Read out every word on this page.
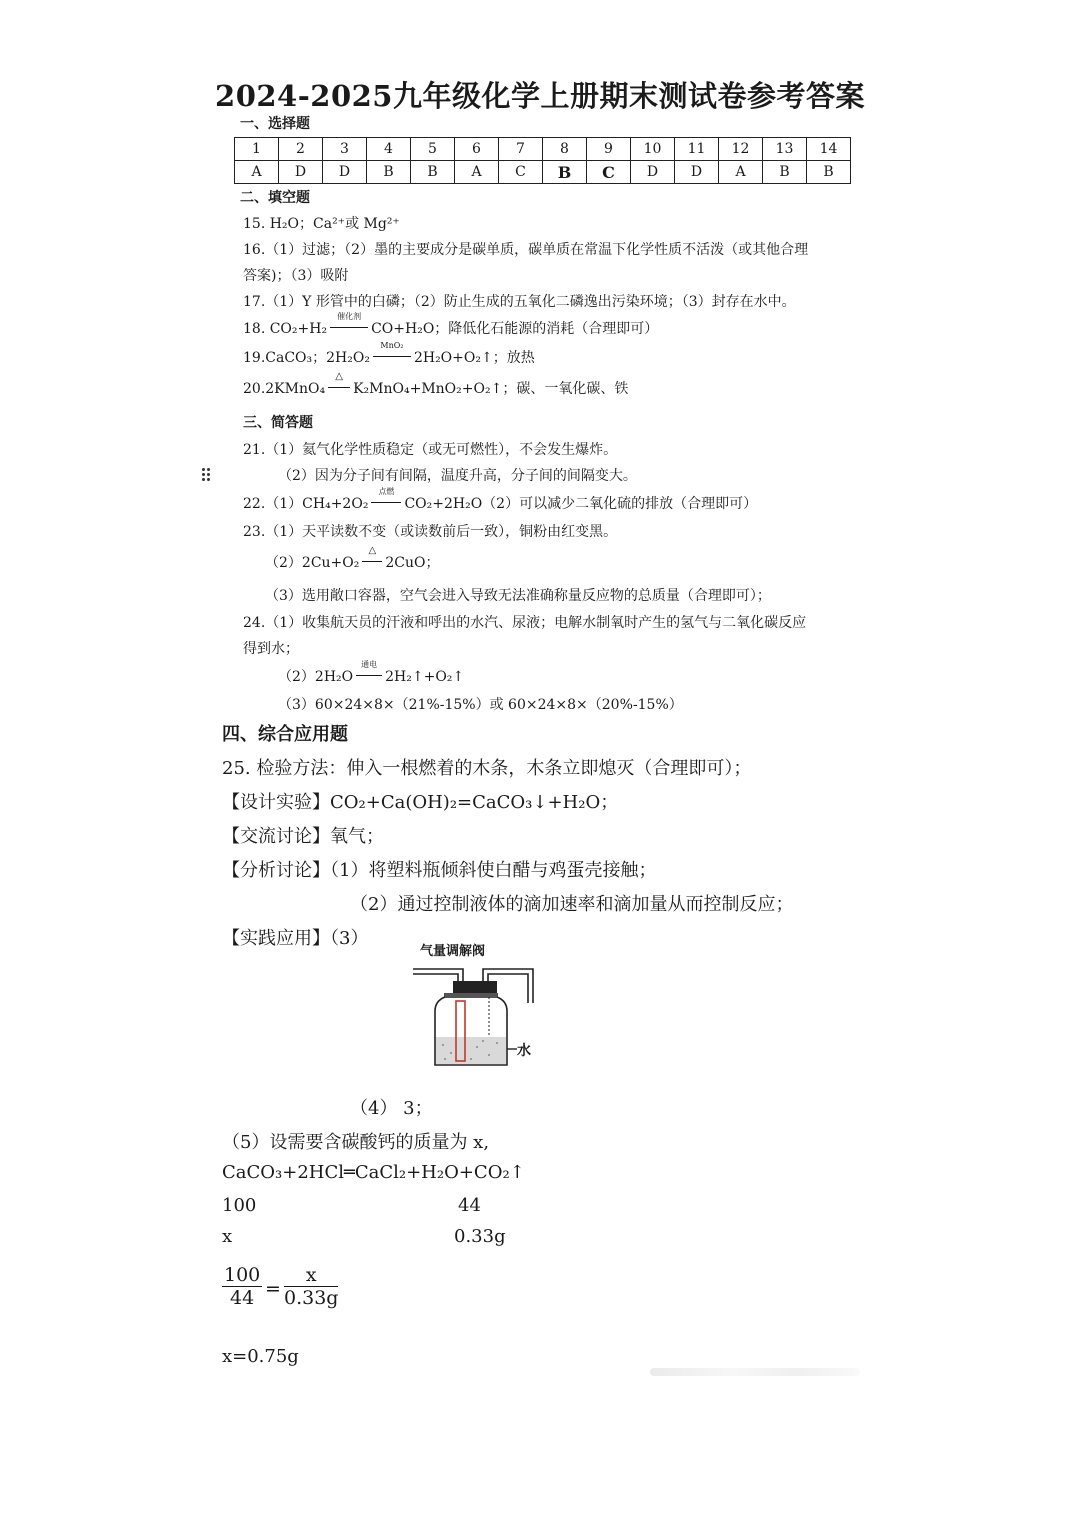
2024-2025九年级化学上册期末测试卷参考答案
一、选择题
1	2	3	4	5	6	7	8	9	10	11	12	13	14
A	D	D	B	B	A	C	B	C	D	D	A	B	B
二、填空题
15. H₂O；Ca²⁺或 Mg²⁺
16.（1）过滤；（2）墨的主要成分是碳单质，碳单质在常温下化学性质不活泼（或其他合理
答案)；（3）吸附
17.（1）Y 形管中的白磷；（2）防止生成的五氧化二磷逸出污染环境；（3）封存在水中。
18. CO₂+H₂
催化剂
CO+H₂O；降低化石能源的消耗（合理即可）
19.CaCO₃；2H₂O₂
MnO₂
2H₂O+O₂↑；放热
20.2KMnO₄
△
K₂MnO₄+MnO₂+O₂↑；碳、一氧化碳、铁
三、简答题
21.（1）氦气化学性质稳定（或无可燃性），不会发生爆炸。
（2）因为分子间有间隔，温度升高，分子间的间隔变大。
22.（1）CH₄+2O₂
点燃
CO₂+2H₂O（2）可以减少二氧化硫的排放（合理即可）
23.（1）天平读数不变（或读数前后一致），铜粉由红变黑。
（2）2Cu+O₂
△
2CuO；
（3）选用敞口容器，空气会进入导致无法准确称量反应物的总质量（合理即可）；
24.（1）收集航天员的汗液和呼出的水汽、尿液；电解水制氧时产生的氢气与二氧化碳反应
得到水；
（2）2H₂O
通电
2H₂↑+O₂↑
（3）60×24×8×（21%-15%）或 60×24×8×（20%-15%）
四、综合应用题
25. 检验方法：伸入一根燃着的木条，木条立即熄灭（合理即可）；
【设计实验】CO₂+Ca(OH)₂=CaCO₃↓+H₂O；
【交流讨论】氧气；
【分析讨论】（1）将塑料瓶倾斜使白醋与鸡蛋壳接触；
（2）通过控制液体的滴加速率和滴加量从而控制反应；
【实践应用】（3）
气量调解阀
水
（4） 3；
（5）设需要含碳酸钙的质量为 x,
CaCO₃+2HCl═CaCl₂+H₂O+CO₂↑
100	44
x	0.33g
$\frac{100}{44} = \frac{x}{0.33g}$
x=0.75g
